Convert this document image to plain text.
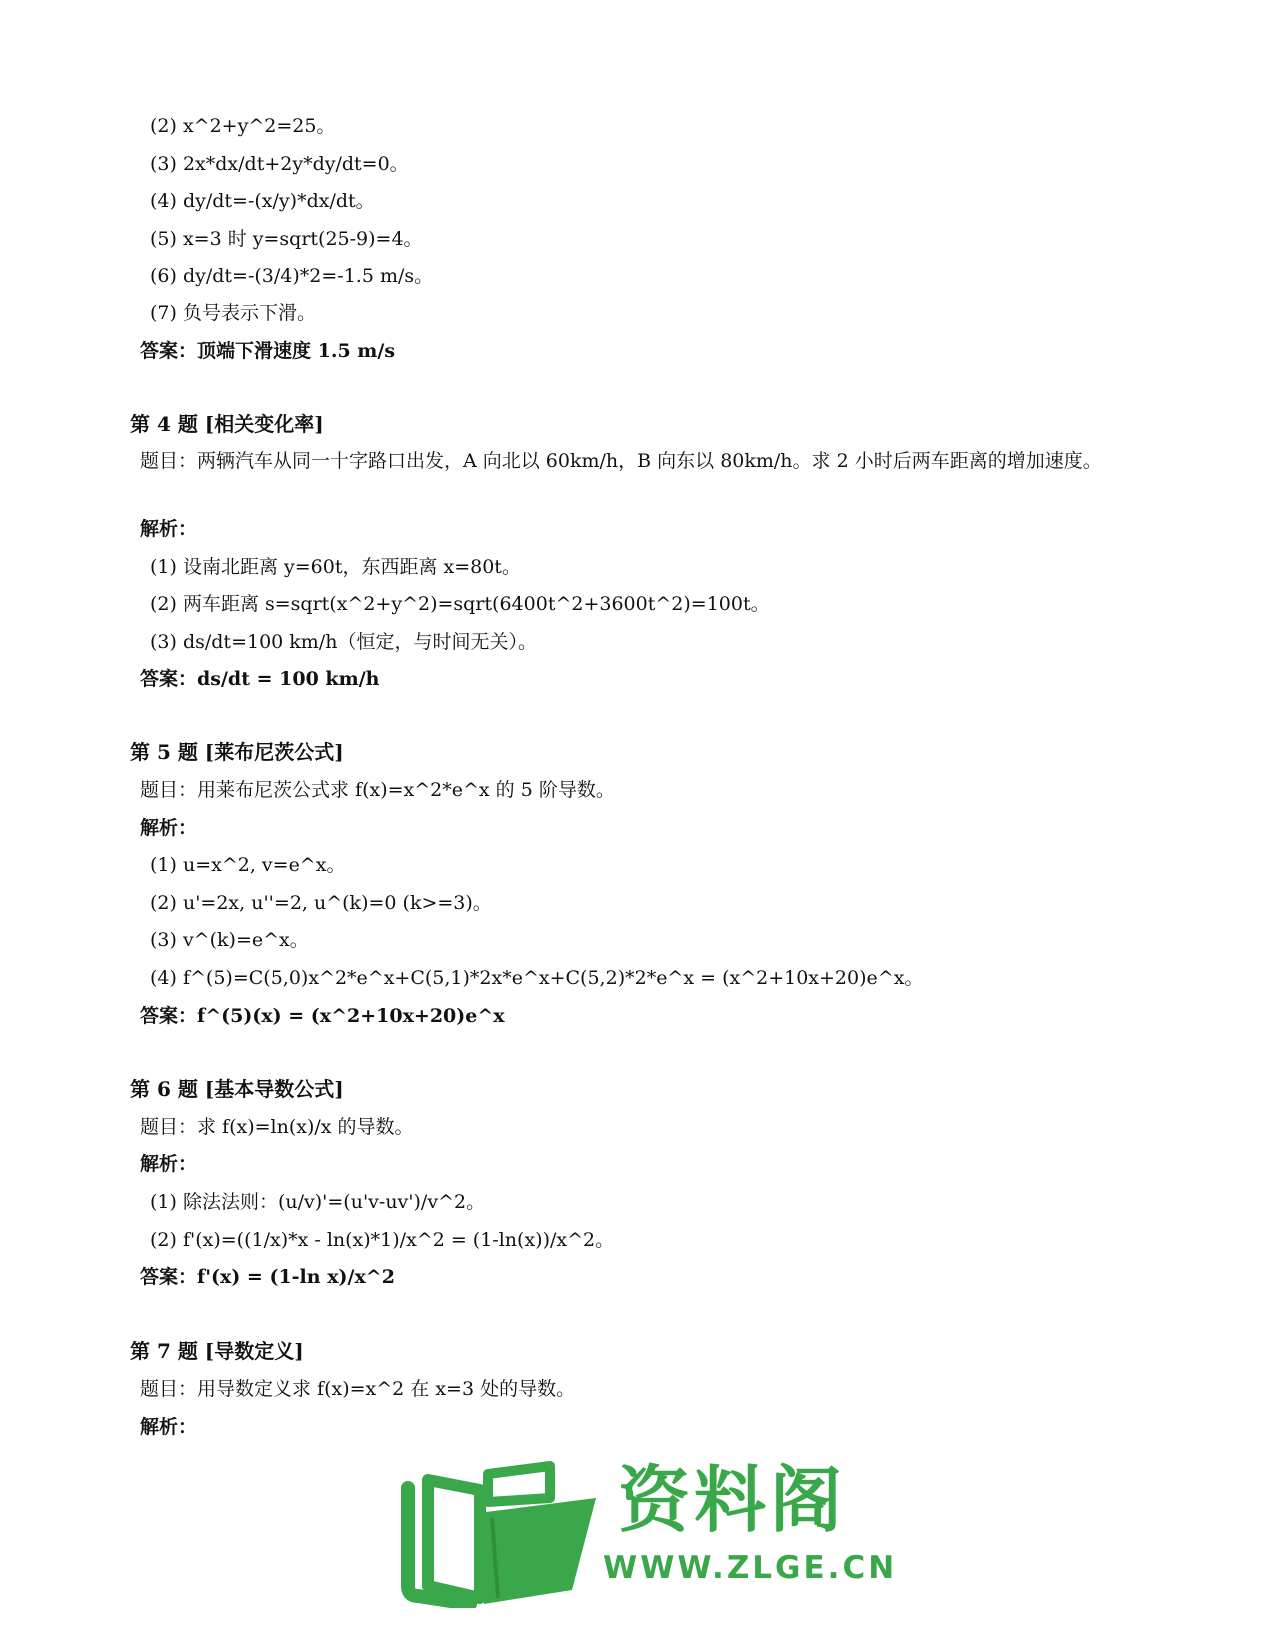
(2) x^2+y^2=25。
(3) 2x*dx/dt+2y*dy/dt=0。
(4) dy/dt=-(x/y)*dx/dt。
(5) x=3 时 y=sqrt(25-9)=4。
(6) dy/dt=-(3/4)*2=-1.5 m/s。
(7) 负号表示下滑。
答案：顶端下滑速度 1.5 m/s
第 4 题 [相关变化率]
题目：两辆汽车从同一十字路口出发，A 向北以 60km/h，B 向东以 80km/h。求 2 小时后两车距离的增加速度。
解析：
(1) 设南北距离 y=60t，东西距离 x=80t。
(2) 两车距离 s=sqrt(x^2+y^2)=sqrt(6400t^2+3600t^2)=100t。
(3) ds/dt=100 km/h（恒定，与时间无关）。
答案：ds/dt = 100 km/h
第 5 题 [莱布尼茨公式]
题目：用莱布尼茨公式求 f(x)=x^2*e^x 的 5 阶导数。
解析：
(1) u=x^2, v=e^x。
(2) u'=2x, u''=2, u^(k)=0 (k>=3)。
(3) v^(k)=e^x。
(4) f^(5)=C(5,0)x^2*e^x+C(5,1)*2x*e^x+C(5,2)*2*e^x = (x^2+10x+20)e^x。
答案：f^(5)(x) = (x^2+10x+20)e^x
第 6 题 [基本导数公式]
题目：求 f(x)=ln(x)/x 的导数。
解析：
(1) 除法法则：(u/v)'=(u'v-uv')/v^2。
(2) f'(x)=((1/x)*x - ln(x)*1)/x^2 = (1-ln(x))/x^2。
答案：f'(x) = (1-ln x)/x^2
第 7 题 [导数定义]
题目：用导数定义求 f(x)=x^2 在 x=3 处的导数。
解析：
资料阁
WWW.ZLGE.CN
